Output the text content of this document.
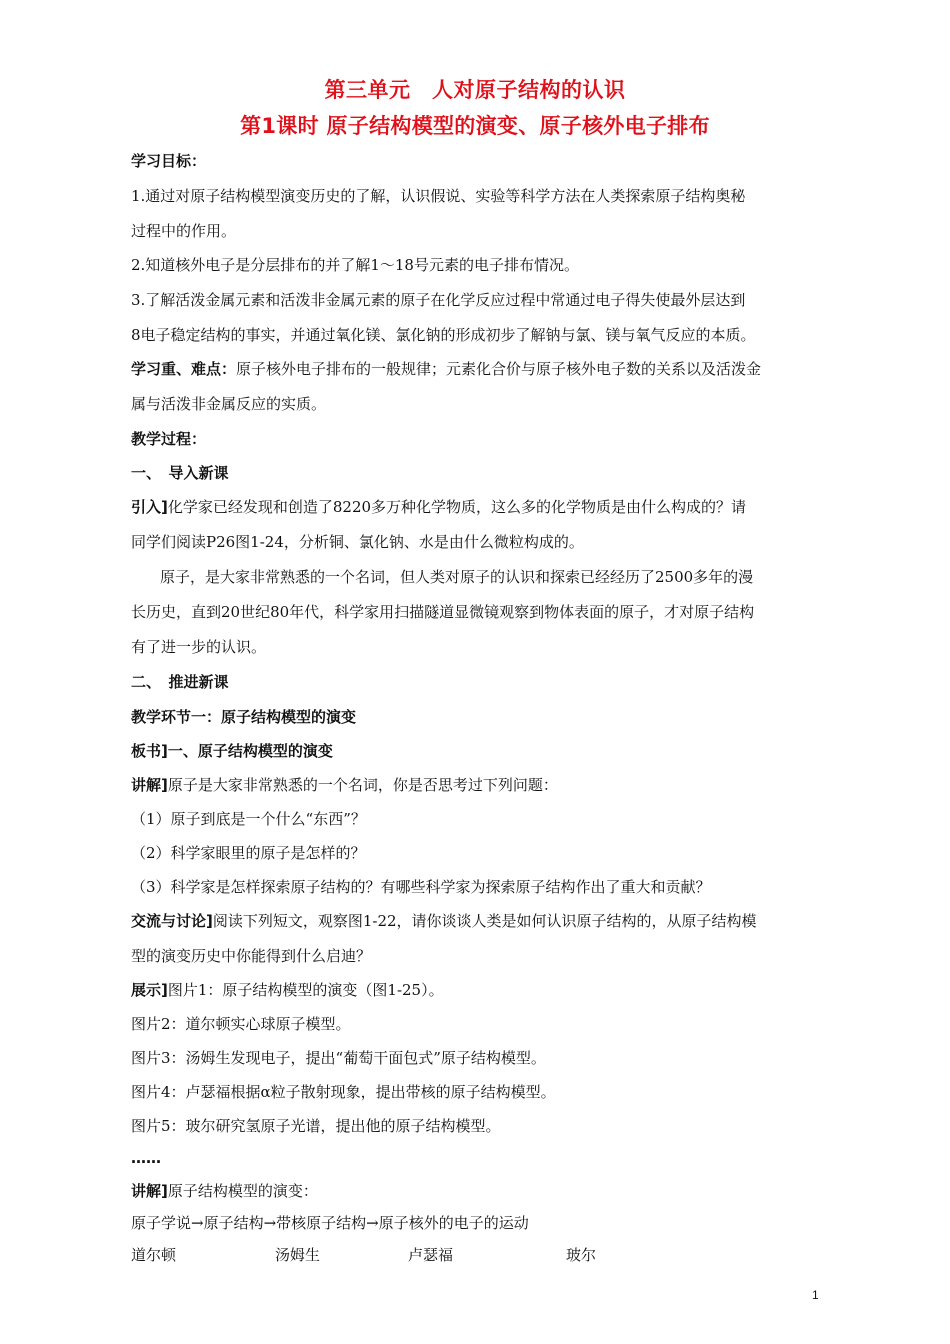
第三单元　人对原子结构的认识
第1课时 原子结构模型的演变、原子核外电子排布
学习目标：
1.通过对原子结构模型演变历史的了解，认识假说、实验等科学方法在人类探索原子结构奥秘
过程中的作用。
2.知道核外电子是分层排布的并了解1～18号元素的电子排布情况。
3.了解活泼金属元素和活泼非金属元素的原子在化学反应过程中常通过电子得失使最外层达到
8电子稳定结构的事实，并通过氧化镁、氯化钠的形成初步了解钠与氯、镁与氧气反应的本质。
学习重、难点：原子核外电子排布的一般规律；元素化合价与原子核外电子数的关系以及活泼金
属与活泼非金属反应的实质。
教学过程：
一、　导入新课
引入]化学家已经发现和创造了8220多万种化学物质，这么多的化学物质是由什么构成的？请
同学们阅读P26图1-24，分析铜、氯化钠、水是由什么微粒构成的。
原子，是大家非常熟悉的一个名词，但人类对原子的认识和探索已经经历了2500多年的漫
长历史，直到20世纪80年代，科学家用扫描隧道显微镜观察到物体表面的原子，才对原子结构
有了进一步的认识。
二、　推进新课
教学环节一：原子结构模型的演变
板书]一、原子结构模型的演变
讲解]原子是大家非常熟悉的一个名词，你是否思考过下列问题：
（1）原子到底是一个什么“东西”？
（2）科学家眼里的原子是怎样的？
（3）科学家是怎样探索原子结构的？有哪些科学家为探索原子结构作出了重大和贡献？
交流与讨论]阅读下列短文，观察图1-22，请你谈谈人类是如何认识原子结构的，从原子结构模
型的演变历史中你能得到什么启迪？
展示]图片1：原子结构模型的演变（图1-25）。
图片2：道尔顿实心球原子模型。
图片3：汤姆生发现电子，提出“葡萄干面包式”原子结构模型。
图片4：卢瑟福根据α粒子散射现象，提出带核的原子结构模型。
图片5：玻尔研究氢原子光谱，提出他的原子结构模型。
……
讲解]原子结构模型的演变：
原子学说→原子结构→带核原子结构→原子核外的电子的运动
道尔顿	汤姆生	卢瑟福	玻尔
1
